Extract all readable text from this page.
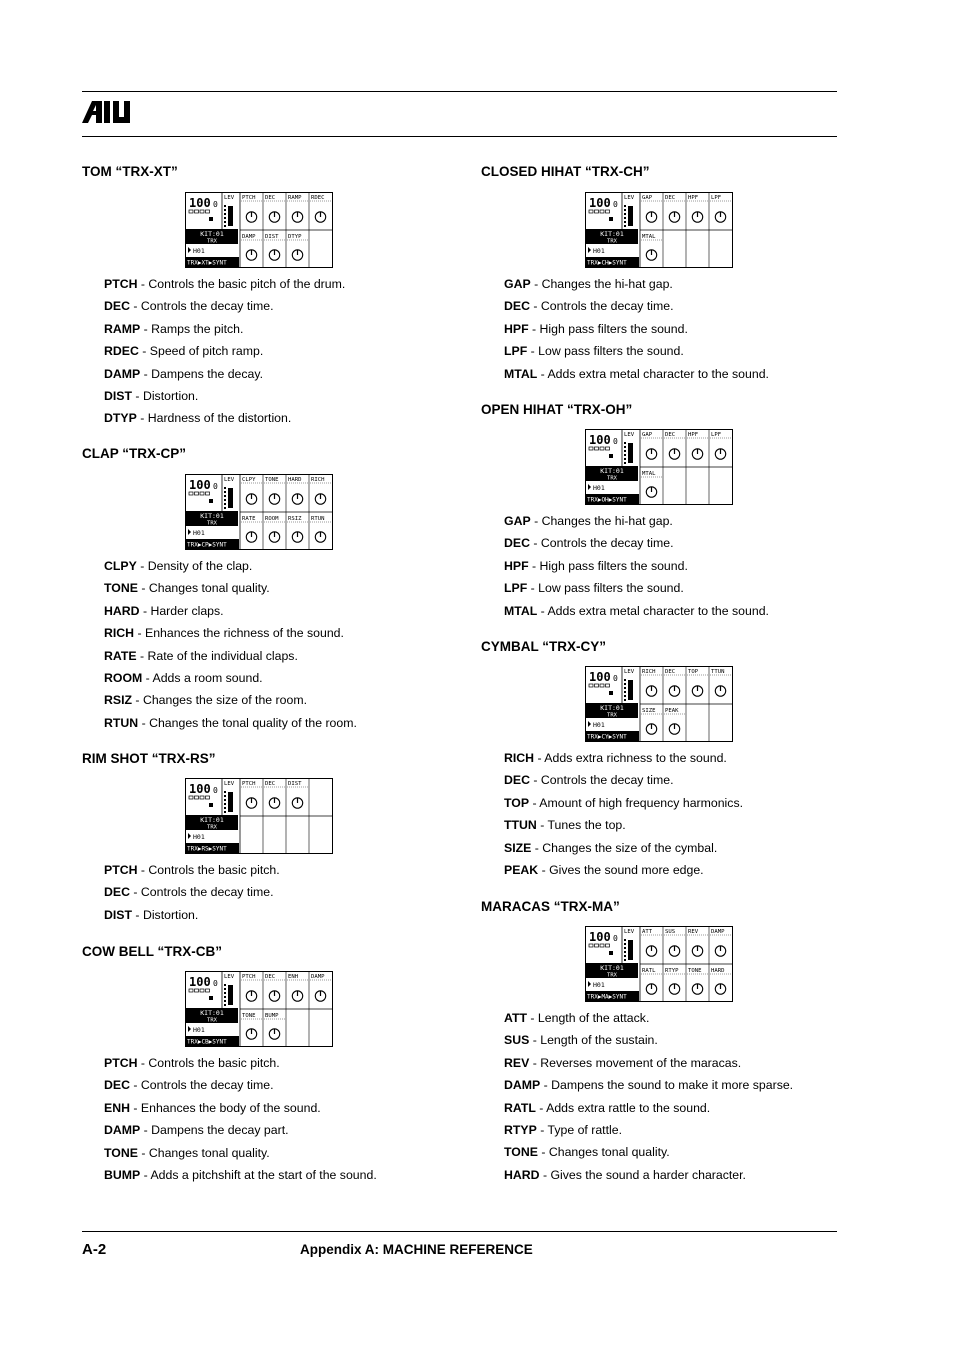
TOM “TRX-XT”
100 0
KIT:01
TRX
H01
TRX▶XT▶SYNT
LEV PTCH DEC RAMP RDEC
DAMP DIST DTYP
PTCH - Controls the basic pitch of the drum.
DEC - Controls the decay time.
RAMP - Ramps the pitch.
RDEC - Speed of pitch ramp.
DAMP - Dampens the decay.
DIST - Distortion.
DTYP - Hardness of the distortion.
CLAP “TRX-CP”
100 0
KIT:01
TRX
H01
TRX▶CP▶SYNT
LEV CLPY TONE HARD RICH
RATE ROOM RSIZ RTUN
CLPY - Density of the clap.
TONE - Changes tonal quality.
HARD - Harder claps.
RICH - Enhances the richness of the sound.
RATE - Rate of the individual claps.
ROOM - Adds a room sound.
RSIZ - Changes the size of the room.
RTUN - Changes the tonal quality of the room.
RIM SHOT “TRX-RS”
100 0
KIT:01
TRX
H01
TRX▶RS▶SYNT
LEV PTCH DEC DIST
PTCH - Controls the basic pitch.
DEC - Controls the decay time.
DIST - Distortion.
COW BELL “TRX-CB”
100 0
KIT:01
TRX
H01
TRX▶CB▶SYNT
LEV PTCH DEC ENH DAMP
TONE BUMP
PTCH - Controls the basic pitch.
DEC - Controls the decay time.
ENH - Enhances the body of the sound.
DAMP - Dampens the decay part.
TONE - Changes tonal quality.
BUMP - Adds a pitchshift at the start of the sound.
CLOSED HIHAT “TRX-CH”
100 0
KIT:01
TRX
H01
TRX▶CH▶SYNT
LEV GAP DEC HPF LPF
MTAL
GAP - Changes the hi-hat gap.
DEC - Controls the decay time.
HPF - High pass filters the sound.
LPF - Low pass filters the sound.
MTAL - Adds extra metal character to the sound.
OPEN HIHAT “TRX-OH”
100 0
KIT:01
TRX
H01
TRX▶OH▶SYNT
LEV GAP DEC HPF LPF
MTAL
GAP - Changes the hi-hat gap.
DEC - Controls the decay time.
HPF - High pass filters the sound.
LPF - Low pass filters the sound.
MTAL - Adds extra metal character to the sound.
CYMBAL “TRX-CY”
100 0
KIT:01
TRX
H01
TRX▶CY▶SYNT
LEV RICH DEC TOP TTUN
SIZE PEAK
RICH - Adds extra richness to the sound.
DEC - Controls the decay time.
TOP - Amount of high frequency harmonics.
TTUN - Tunes the top.
SIZE - Changes the size of the cymbal.
PEAK - Gives the sound more edge.
MARACAS “TRX-MA”
100 0
KIT:01
TRX
H01
TRX▶MA▶SYNT
LEV ATT SUS REV DAMP
RATL RTYP TONE HARD
ATT - Length of the attack.
SUS - Length of the sustain.
REV - Reverses movement of the maracas.
DAMP - Dampens the sound to make it more sparse.
RATL - Adds extra rattle to the sound.
RTYP - Type of rattle.
TONE - Changes tonal quality.
HARD - Gives the sound a harder character.
A-2	Appendix A: MACHINE REFERENCE
